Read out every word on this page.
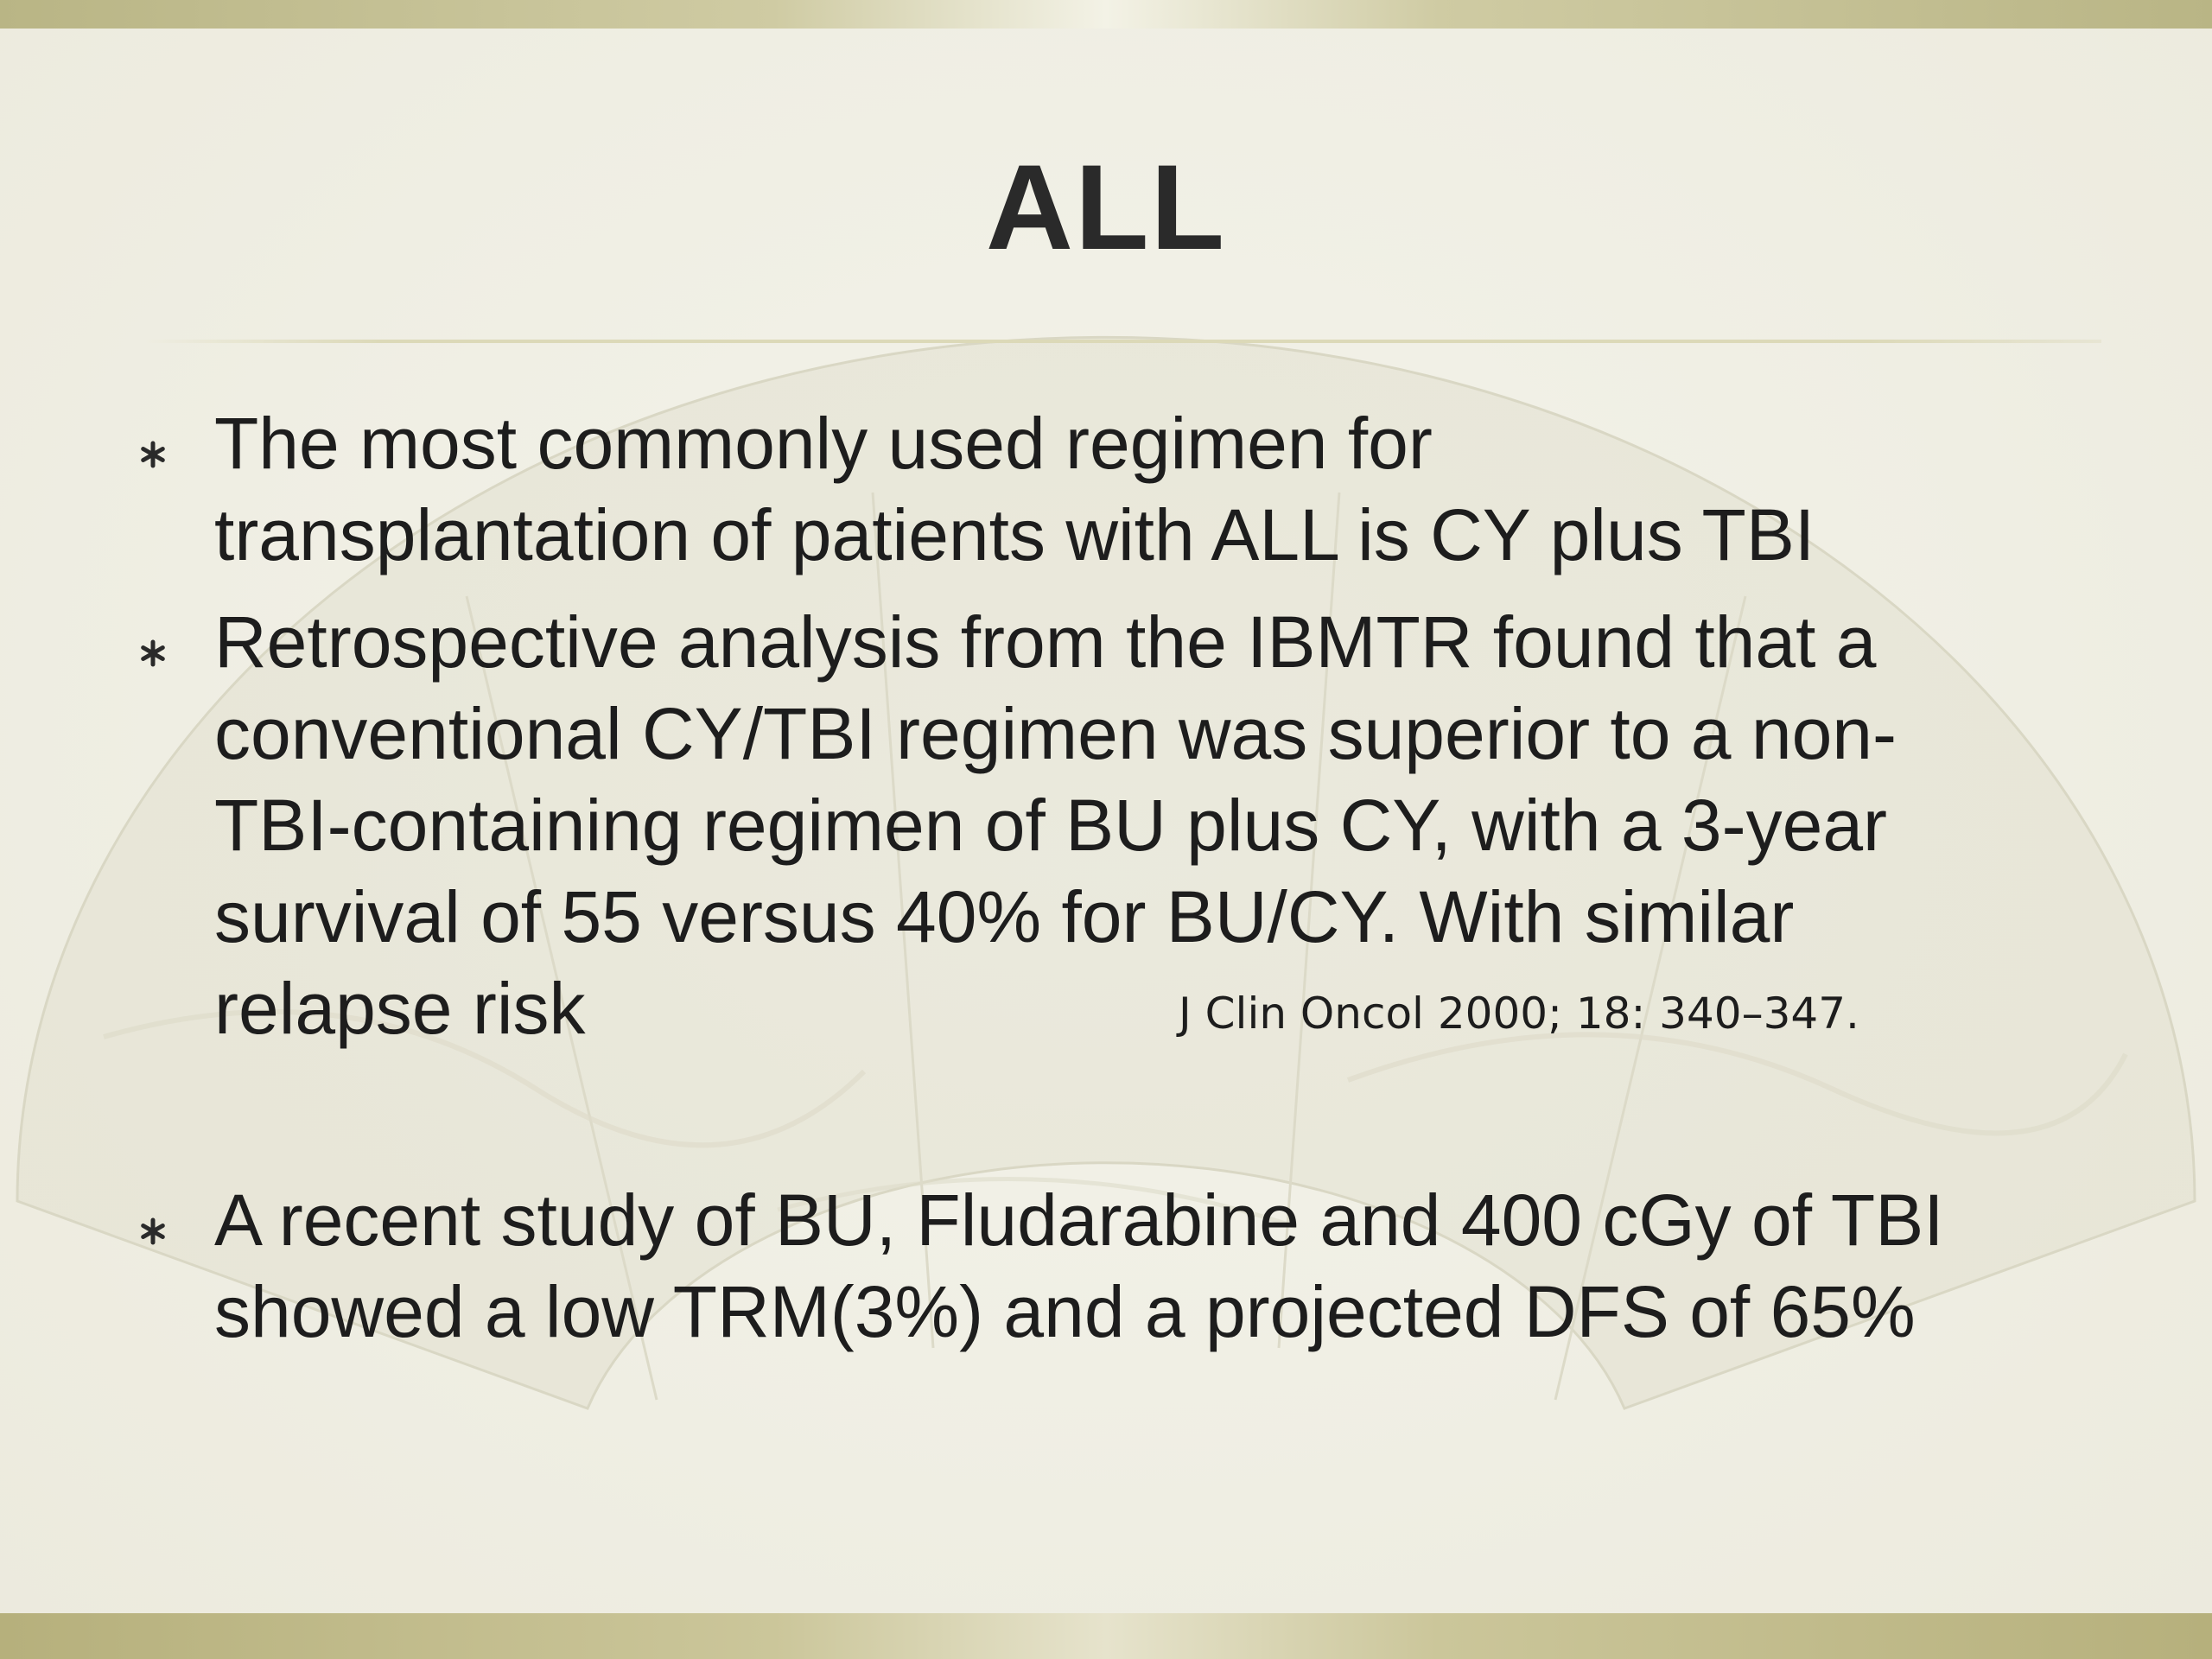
ALL

The most commonly used regimen for
transplantation of patients with ALL is CY plus TBI

Retrospective analysis from the IBMTR found that a
conventional CY/TBI regimen was superior to a non-
TBI-containing regimen of BU plus CY, with a 3-year
survival of 55 versus 40% for BU/CY. With similar
relapse risk	J Clin Oncol 2000; 18: 340–347.

A recent study of BU, Fludarabine and 400 cGy of TBI
showed a low TRM(3%) and a projected DFS of 65%
